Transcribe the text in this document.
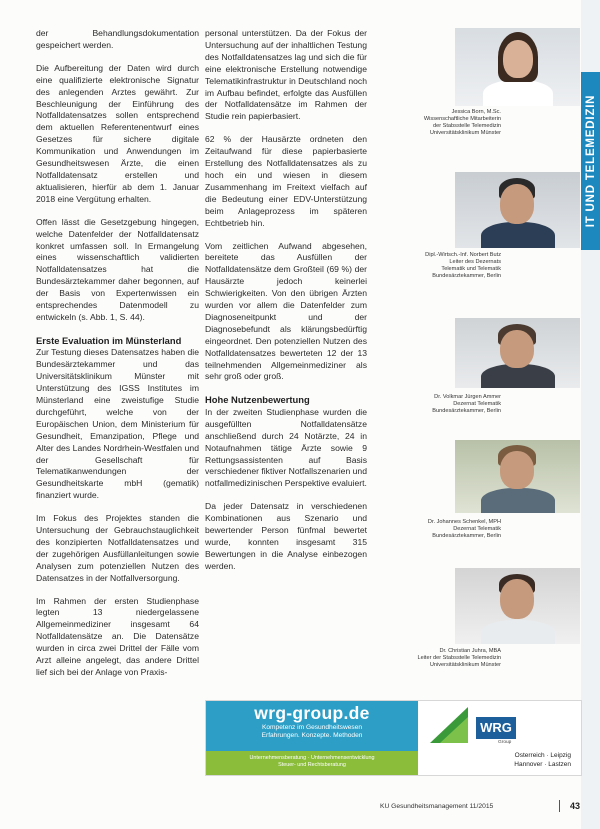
der Behandlungsdokumentation gespeichert werden.

Die Aufbereitung der Daten wird durch eine qualifizierte elektronische Signatur des anlegenden Arztes gewährt. Zur Beschleunigung der Einführung des Notfalldatensatzes sollen entsprechend dem aktuellen Referentenentwurf eines Gesetzes für sichere digitale Kommunikation und Anwendungen im Gesundheitswesen Ärzte, die einen Notfalldatensatz erstellen und aktualisieren, hierfür ab dem 1. Januar 2018 eine Vergütung erhalten.

Offen lässt die Gesetzgebung hingegen, welche Datenfelder der Notfalldatensatz konkret umfassen soll. In Ermangelung eines wissenschaftlich validierten Notfalldatensatzes hat die Bundesärztekammer daher begonnen, auf der Basis von Expertenwissen ein entsprechendes Datenmodell zu entwickeln (s. Abb. 1, S. 44).

Erste Evaluation im Münsterland

Zur Testung dieses Datensatzes haben die Bundesärztekammer und das Universitätsklinikum Münster mit Unterstützung des IGSS Institutes im Münsterland eine zweistufige Studie durchgeführt, welche von der Europäischen Union, dem Ministerium für Gesundheit, Emanzipation, Pflege und Alter des Landes Nordrhein-Westfalen und der Gesellschaft für Telematikanwendungen der Gesundheitskarte mbH (gematik) finanziert wurde.

Im Fokus des Projektes standen die Untersuchung der Gebrauchstauglichkeit des konzipierten Notfalldatensatzes und der zugehörigen Ausfüllanleitungen sowie Analysen zum potenziellen Nutzen des Datensatzes in der Notfallversorgung.

Im Rahmen der ersten Studienphase legten 13 niedergelassene Allgemeinmediziner insgesamt 64 Notfalldatensätze an. Die Datensätze wurden in circa zwei Drittel der Fälle vom Arzt alleine angelegt, das andere Drittel lief sich bei der Anlage von Praxis-

personal unterstützen. Da der Fokus der Untersuchung auf der inhaltlichen Testung des Notfalldatensatzes lag und sich die für eine elektronische Erstellung notwendige Telematikinfrastruktur in Deutschland noch im Aufbau befindet, erfolgte das Ausfüllen der Notfalldatensätze im Rahmen der Studie rein papierbasiert.

62 % der Hausärzte ordneten den Zeitaufwand für diese papierbasierte Erstellung des Notfalldatensatzes als zu hoch ein und wiesen in diesem Zusammenhang im Freitext vielfach auf die Bedeutung einer EDV-Unterstützung beim Anlageprozess im späteren Echtbetrieb hin.

Vom zeitlichen Aufwand abgesehen, bereitete das Ausfüllen der Notfalldatensätze dem Großteil (69 %) der Hausärzte jedoch keinerlei Schwierigkeiten. Von den übrigen Ärzten wurden vor allem die Datenfelder zum Diagnoseneitpunkt und der Diagnosebefundt als klärungsbedürftig eingeordnet. Den potenziellen Nutzen des Notfalldatensatzes bewerteten 12 der 13 teilnehmenden Allgemeinmediziner als sehr groß oder groß.

Hohe Nutzenbewertung

In der zweiten Studienphase wurden die ausgefüllten Notfalldatensätze anschließend durch 24 Notärzte, 24 in Notaufnahmen tätige Ärzte sowie 9 Rettungsassistenten auf Basis verschiedener fiktiver Notfallszenarien und notfallmedizinischen Perspektive evaluiert.

Da jeder Datensatz in verschiedenen Kombinationen aus Szenario und bewertender Person fünfmal bewertet wurde, konnten insgesamt 315 Bewertungen in die Analyse einbezogen werden.

IT UND TELEMEDIZIN
Jessica Born, M.Sc.
Wissenschaftliche Mitarbeiterin
der Stabsstelle Telemedizin
Universitätsklinikum Münster
Dipl.-Wirtsch.-Inf. Norbert Butz
Leiter des Dezernats
Telematik und Telematik
Bundesärztekammer, Berlin
Dr. Volkmar Jürgen Ammer
Dezernat Telematik
Bundesärztekammer, Berlin
Dr. Johannes Schenkel, MPH
Dezernat Telematik
Bundesärztekammer, Berlin
Dr. Christian Juhra, MBA
Leiter der Stabsstelle Telemedizin
Universitätsklinikum Münster
wrg-group.de
Kompetenz im Gesundheitswesen
Erfahrungen. Konzepte. Methoden
Unternehmensberatung · Unternehmensentwicklung
Steuer- und Rechtsberatung
WRG
Group
Osterreich · Leipzig
Hannover · Lastzen
KU Gesundheitsmanagement 11/2015	43
